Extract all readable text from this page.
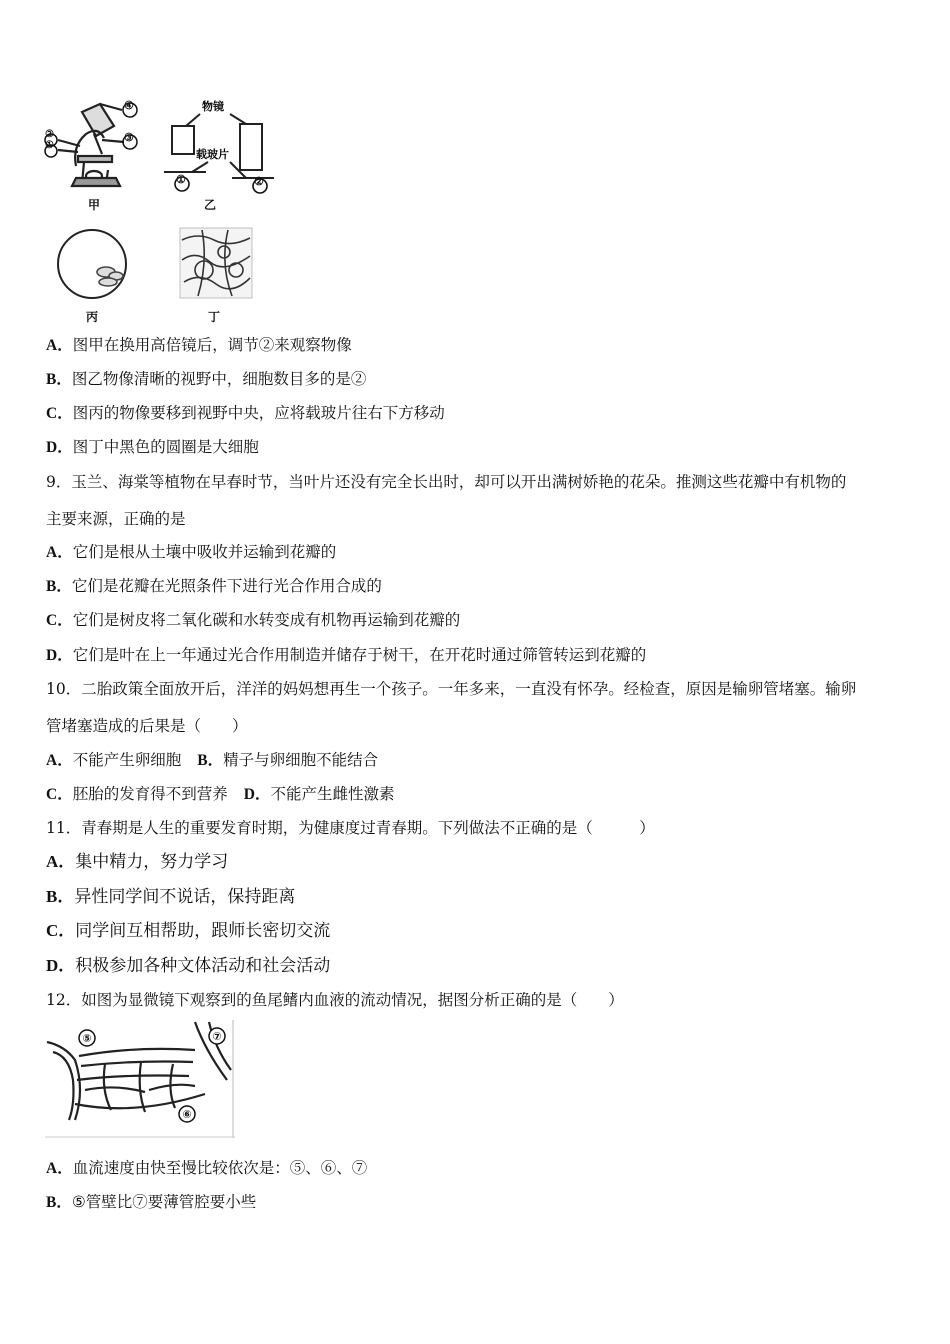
甲
物镜
载玻片
乙
丙	丁
A．图甲在换用高倍镜后，调节②来观察物像
B．图乙物像清晰的视野中，细胞数目多的是②
C．图丙的物像要移到视野中央，应将载玻片往右下方移动
D．图丁中黑色的圆圈是大细胞
9．玉兰、海棠等植物在早春时节，当叶片还没有完全长出时，却可以开出满树娇艳的花朵。推测这些花瓣中有机物的
主要来源，正确的是
A．它们是根从土壤中吸收并运输到花瓣的
B．它们是花瓣在光照条件下进行光合作用合成的
C．它们是树皮将二氧化碳和水转变成有机物再运输到花瓣的
D．它们是叶在上一年通过光合作用制造并储存于树干，在开花时通过筛管转运到花瓣的
10．二胎政策全面放开后，洋洋的妈妈想再生一个孩子。一年多来，一直没有怀孕。经检查，原因是输卵管堵塞。输卵
管堵塞造成的后果是（　　）
A．不能产生卵细胞 B．精子与卵细胞不能结合
C．胚胎的发育得不到营养 D．不能产生雌性激素
11．青春期是人生的重要发育时期，为健康度过青春期。下列做法不正确的是（　　　）
A．集中精力，努力学习
B．异性同学间不说话，保持距离
C．同学间互相帮助，跟师长密切交流
D．积极参加各种文体活动和社会活动
12．如图为显微镜下观察到的鱼尾鳍内血液的流动情况，据图分析正确的是（　　）
⑤	⑦
⑥
A．血流速度由快至慢比较依次是：⑤、⑥、⑦
B．⑤管壁比⑦要薄管腔要小些
④
③
②
①
①	②
